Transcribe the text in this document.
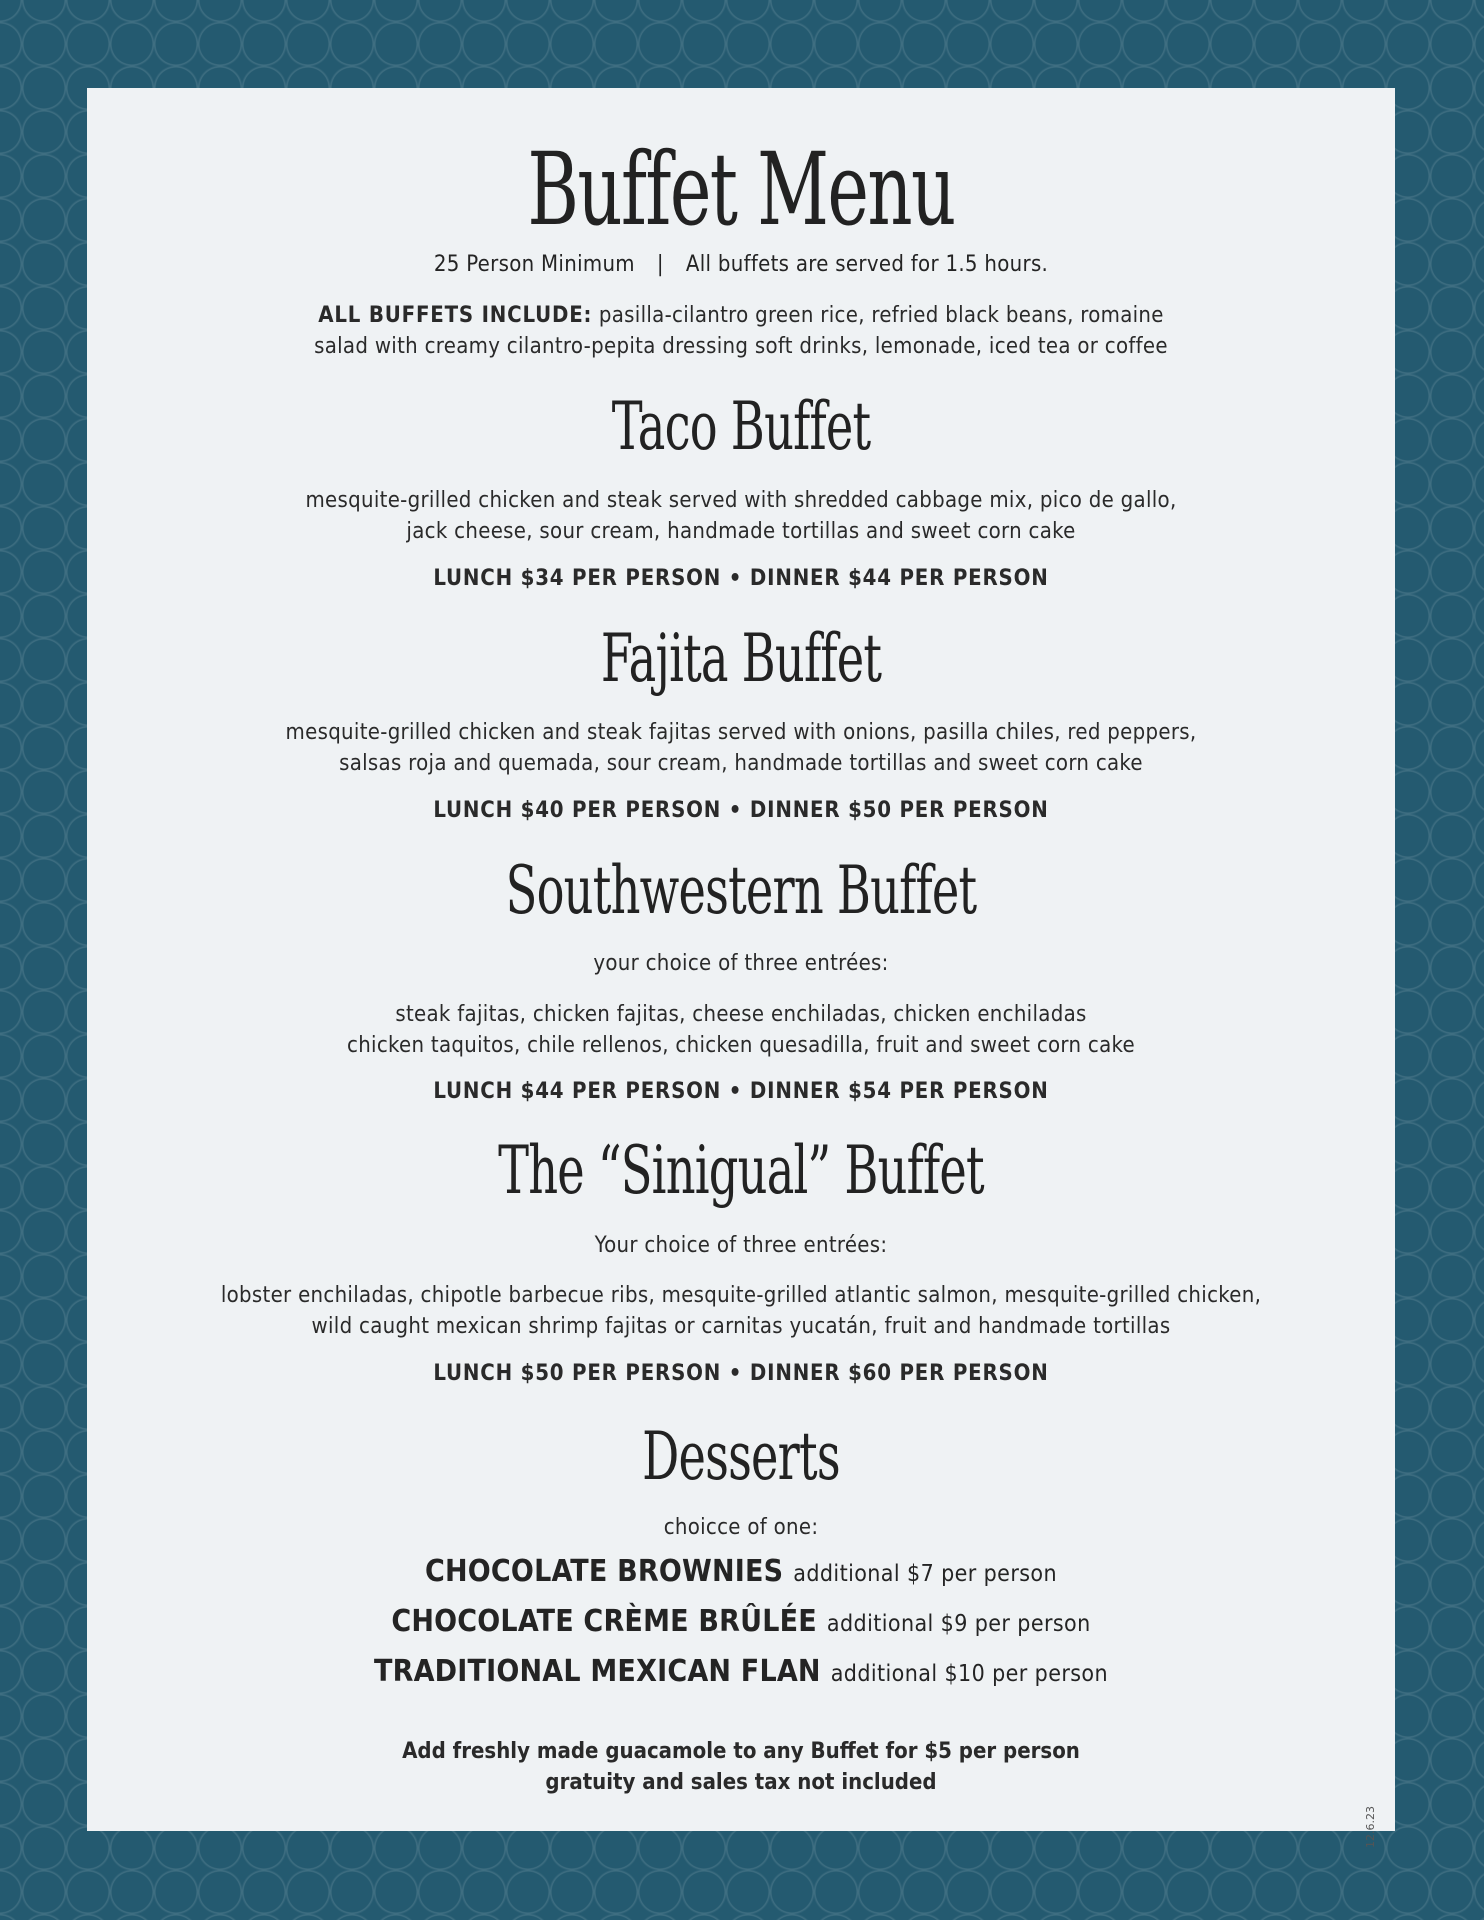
Buffet Menu
25 Person Minimum | All buffets are served for 1.5 hours.
ALL BUFFETS INCLUDE: pasilla-cilantro green rice, refried black beans, romaine
salad with creamy cilantro-pepita dressing soft drinks, lemonade, iced tea or coffee
Taco Buffet
mesquite-grilled chicken and steak served with shredded cabbage mix, pico de gallo,
jack cheese, sour cream, handmade tortillas and sweet corn cake
LUNCH $34 PER PERSON • DINNER $44 PER PERSON
Fajita Buffet
mesquite-grilled chicken and steak fajitas served with onions, pasilla chiles, red peppers,
salsas roja and quemada, sour cream, handmade tortillas and sweet corn cake
LUNCH $40 PER PERSON • DINNER $50 PER PERSON
Southwestern Buffet
your choice of three entrées:
steak fajitas, chicken fajitas, cheese enchiladas, chicken enchiladas
chicken taquitos, chile rellenos, chicken quesadilla, fruit and sweet corn cake
LUNCH $44 PER PERSON • DINNER $54 PER PERSON
The “Sinigual” Buffet
Your choice of three entrées:
lobster enchiladas, chipotle barbecue ribs, mesquite-grilled atlantic salmon, mesquite-grilled chicken,
wild caught mexican shrimp fajitas or carnitas yucatán, fruit and handmade tortillas
LUNCH $50 PER PERSON • DINNER $60 PER PERSON
Desserts
choicce of one:
CHOCOLATE BROWNIES additional $7 per person
CHOCOLATE CRÈME BRÛLÉE additional $9 per person
TRADITIONAL MEXICAN FLAN additional $10 per person
Add freshly made guacamole to any Buffet for $5 per person
gratuity and sales tax not included
12.6.23
